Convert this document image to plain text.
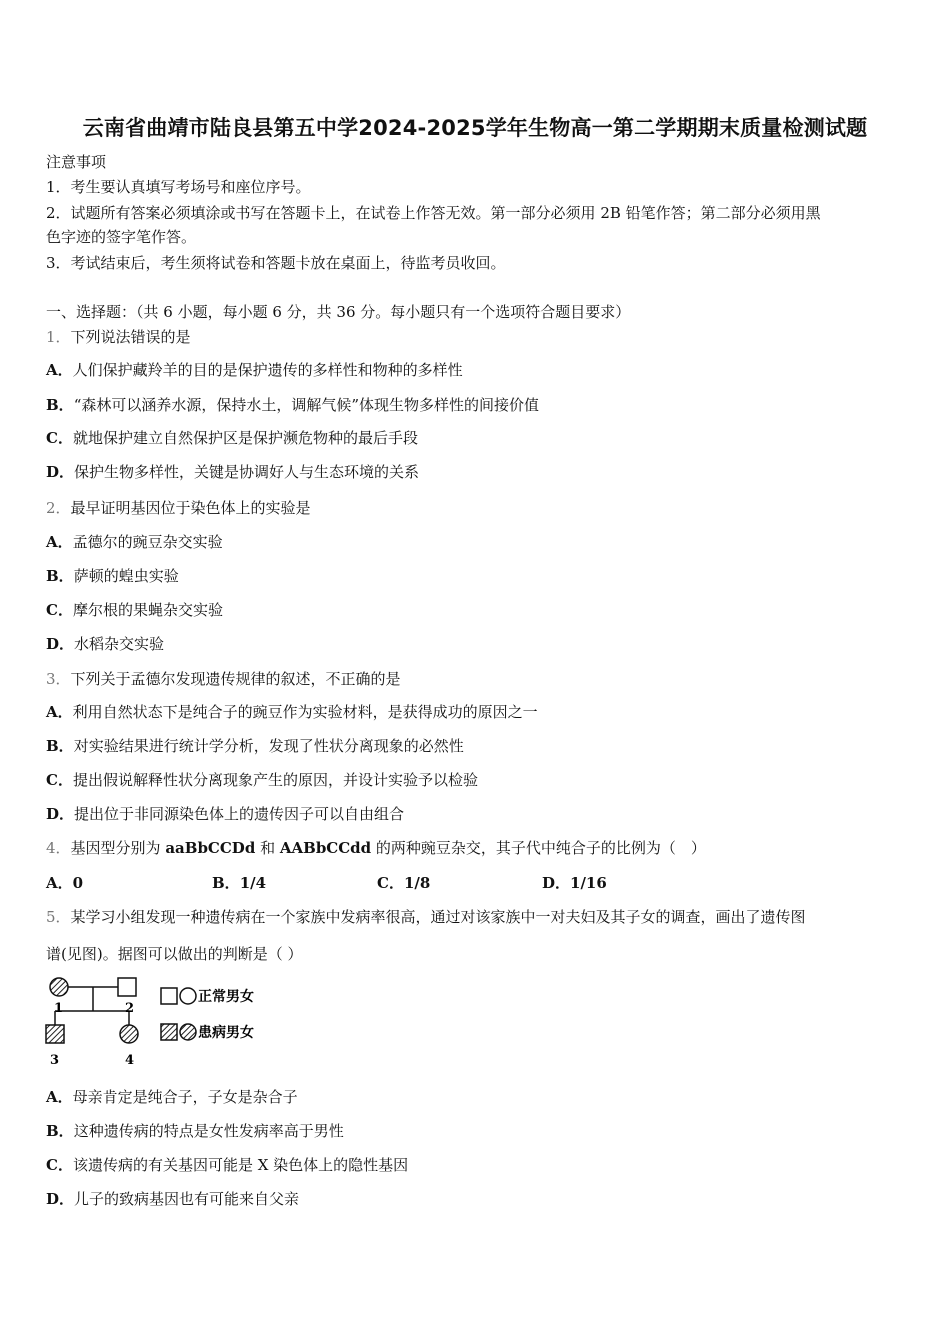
云南省曲靖市陆良县第五中学2024-2025学年生物高一第二学期期末质量检测试题
注意事项
1．考生要认真填写考场号和座位序号。
2．试题所有答案必须填涂或书写在答题卡上，在试卷上作答无效。第一部分必须用 2B 铅笔作答；第二部分必须用黑
色字迹的签字笔作答。
3．考试结束后，考生须将试卷和答题卡放在桌面上，待监考员收回。
一、选择题：（共 6 小题，每小题 6 分，共 36 分。每小题只有一个选项符合题目要求）
1．下列说法错误的是
A．人们保护藏羚羊的目的是保护遗传的多样性和物种的多样性
B．“森林可以涵养水源，保持水土，调解气候”体现生物多样性的间接价值
C．就地保护建立自然保护区是保护濒危物种的最后手段
D．保护生物多样性，关键是协调好人与生态环境的关系
2．最早证明基因位于染色体上的实验是
A．孟德尔的豌豆杂交实验
B．萨顿的蝗虫实验
C．摩尔根的果蝇杂交实验
D．水稻杂交实验
3．下列关于孟德尔发现遗传规律的叙述，不正确的是
A．利用自然状态下是纯合子的豌豆作为实验材料，是获得成功的原因之一
B．对实验结果进行统计学分析，发现了性状分离现象的必然性
C．提出假说解释性状分离现象产生的原因，并设计实验予以检验
D．提出位于非同源染色体上的遗传因子可以自由组合
4．基因型分别为 aaBbCCDd 和 AABbCCdd 的两种豌豆杂交，其子代中纯合子的比例为（　）
A．0	B．1/4	C．1/8	D．1/16
5．某学习小组发现一种遗传病在一个家族中发病率很高，通过对该家族中一对夫妇及其子女的调查，画出了遗传图
谱(见图)。据图可以做出的判断是（ ）
1	2
3	4
正常男女
患病男女
A．母亲肯定是纯合子，子女是杂合子
B．这种遗传病的特点是女性发病率高于男性
C．该遗传病的有关基因可能是 X 染色体上的隐性基因
D．儿子的致病基因也有可能来自父亲
